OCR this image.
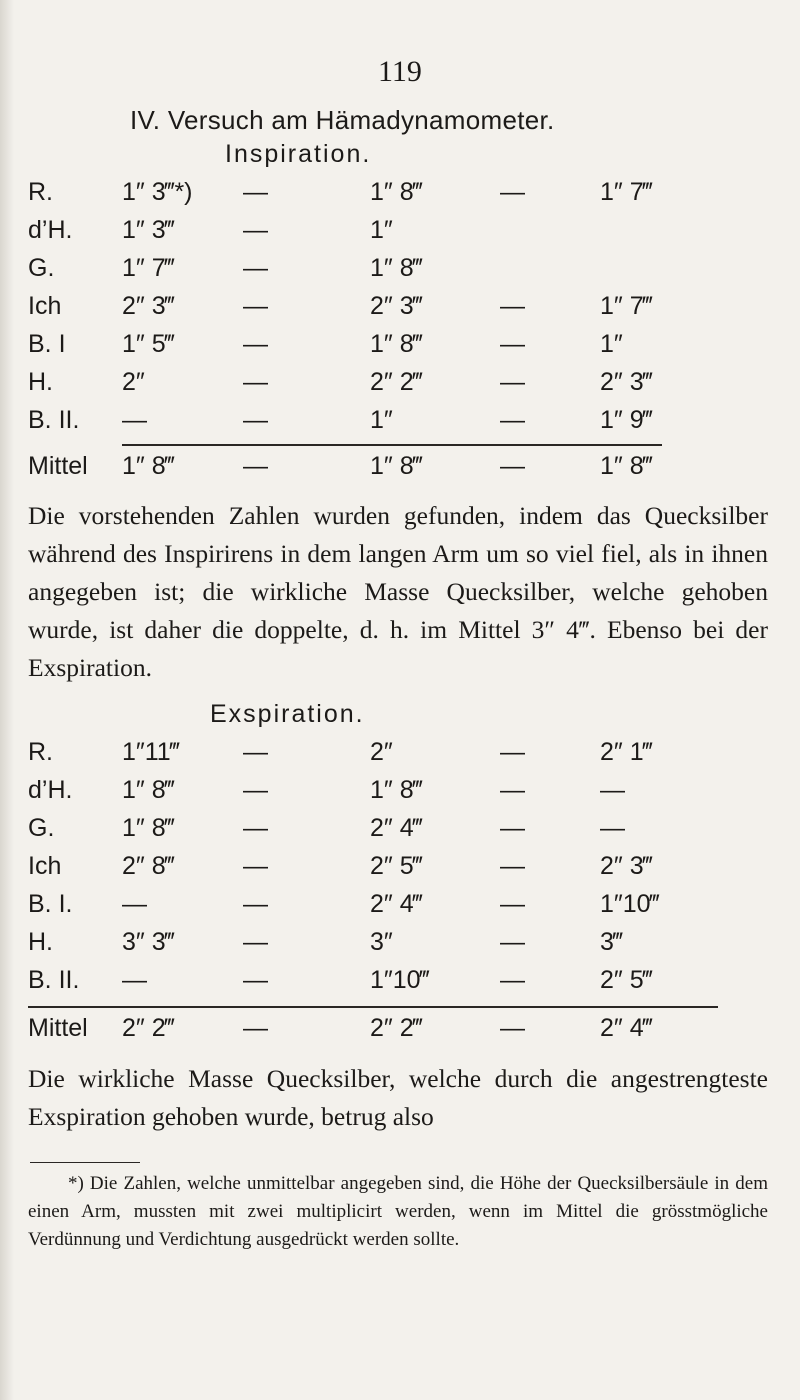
119
IV. Versuch am Hämadynamometer.
Inspiration.
R.	1″ 3‴*) —	1″ 8‴	—	1″ 7‴
d’H. 1″ 3‴	—	1″
G.	1″ 7‴	—	1″ 8‴
Ich 2″ 3‴	—	2″ 3‴	—	1″ 7‴
B. I 1″ 5‴	—	1″ 8‴	—	1″
H.	2″	—	2″ 2‴	—	2″ 3‴
B. II. —	—	1″	—	1″ 9‴
Mittel 1″ 8‴	—	1″ 8‴	—	1″ 8‴
Die vorstehenden Zahlen wurden gefunden, indem das Quecksilber während des Inspirirens in dem langen Arm um so viel fiel, als in ihnen angegeben ist; die wirkliche Masse Quecksilber, welche gehoben wurde, ist daher die doppelte, d. h. im Mittel 3″ 4‴. Ebenso bei der Exspiration.
Exspiration.
R.	1″11‴	—	2″	—	2″ 1‴
d’H. 1″ 8‴	—	1″ 8‴	—	—
G.	1″ 8‴	—	2″ 4‴	—	—
Ich 2″ 8‴	—	2″ 5‴	—	2″ 3‴
B. I. —	—	2″ 4‴	—	1″10‴
H.	3″ 3‴	—	3″	—	3‴
B. II. —	—	1″10‴	—	2″ 5‴
Mittel 2″ 2‴	—	2″ 2‴	—	2″ 4‴
Die wirkliche Masse Quecksilber, welche durch die angestrengteste Exspiration gehoben wurde, betrug also
*) Die Zahlen, welche unmittelbar angegeben sind, die Höhe der Quecksilbersäule in dem einen Arm, mussten mit zwei multiplicirt werden, wenn im Mittel die grösstmögliche Verdünnung und Verdichtung ausgedrückt werden sollte.
